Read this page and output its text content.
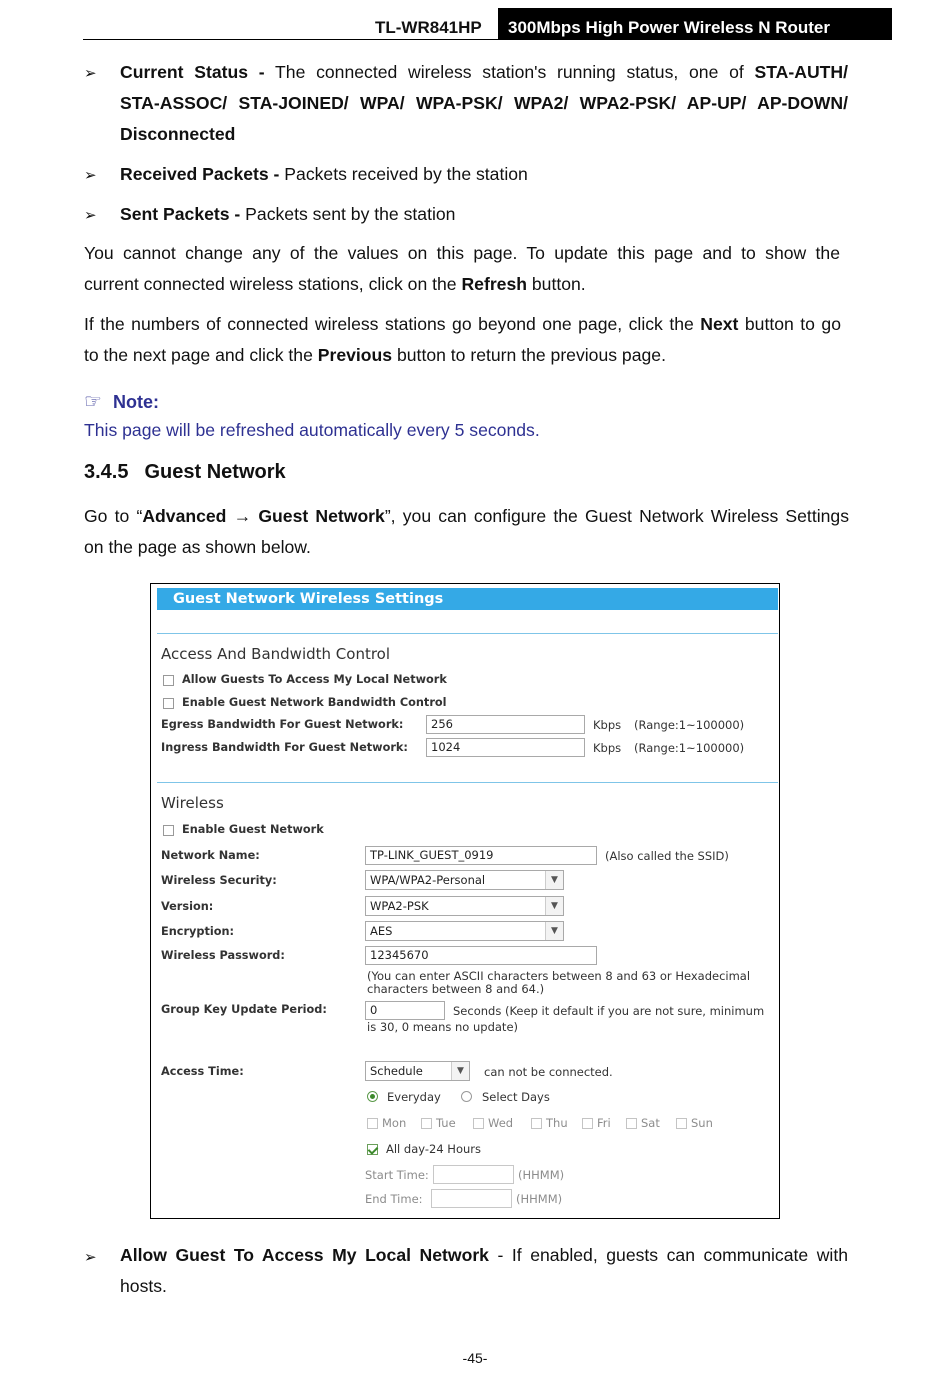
TL-WR841HP	300Mbps High Power Wireless N Router
➢ Current Status - The connected wireless station's running status, one of STA-AUTH/
STA-ASSOC/ STA-JOINED/ WPA/ WPA-PSK/ WPA2/ WPA2-PSK/ AP-UP/ AP-DOWN/
Disconnected
➢ Received Packets - Packets received by the station
➢ Sent Packets - Packets sent by the station
You cannot change any of the values on this page. To update this page and to show the
current connected wireless stations, click on the Refresh button.
If the numbers of connected wireless stations go beyond one page, click the Next button to go
to the next page and click the Previous button to return the previous page.
☞ Note:
This page will be refreshed automatically every 5 seconds.
3.4.5 Guest Network
Go to “Advanced → Guest Network”, you can configure the Guest Network Wireless Settings
on the page as shown below.
Guest Network Wireless Settings
Access And Bandwidth Control
Allow Guests To Access My Local Network
Enable Guest Network Bandwidth Control
Egress Bandwidth For Guest Network:	256	Kbps (Range:1~100000)
Ingress Bandwidth For Guest Network:	1024	Kbps (Range:1~100000)
Wireless
Enable Guest Network
Network Name:	TP-LINK_GUEST_0919	(Also called the SSID)
Wireless Security:	WPA/WPA2-Personal	▼
Version:	WPA2-PSK	▼
Encryption:	AES	▼
Wireless Password:	12345670
(You can enter ASCII characters between 8 and 63 or Hexadecimal
characters between 8 and 64.)
Group Key Update Period:	0	Seconds (Keep it default if you are not sure, minimum
is 30, 0 means no update)
Access Time:	Schedule	▼	can not be connected.
Everyday	Select Days
Mon	Tue	Wed	Thu	Fri	Sat	Sun
All day-24 Hours
Start Time:	(HHMM)
End Time:	(HHMM)
➢ Allow Guest To Access My Local Network - If enabled, guests can communicate with
hosts.
-45-
